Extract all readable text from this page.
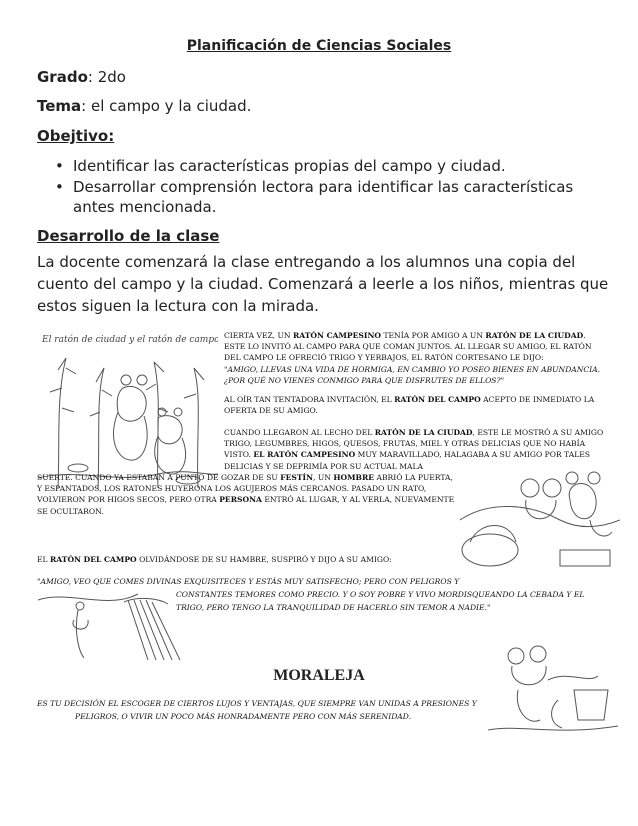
Planificación de Ciencias Sociales
Grado: 2do
Tema: el campo y la ciudad.
Obejtivo:
• Identificar las características propias del campo y ciudad.
• Desarrollar comprensión lectora para identificar las características
antes mencionada.
Desarrollo de la clase
La docente comenzará la clase entregando a los alumnos una copia del
cuento del campo y la ciudad. Comenzará a leerle a los niños, mientras que
estos siguen la lectura con la mirada.
El ratón de ciudad y el ratón de campo CIERTA VEZ, UN RATÓN CAMPESINO TENÍA POR AMIGO A UN RATÓN DE LA CIUDAD.
ESTE LO INVITÓ AL CAMPO PARA QUE COMAN JUNTOS. AL LLEGAR SU AMIGO, EL RATÓN
DEL CAMPO LE OFRECIÓ TRIGO Y YERBAJOS, EL RATÓN CORTESANO LE DIJO:
"AMIGO, LLEVAS UNA VIDA DE HORMIGA, EN CAMBIO YO POSEO BIENES EN ABUNDANCIA.
¿POR QUÉ NO VIENES CONMIGO PARA QUE DISFRUTES DE ELLOS?"
AL OÍR TAN TENTADORA INVITACIÓN, EL RATÓN DEL CAMPO ACEPTO DE INMEDIATO LA
OFERTA DE SU AMIGO.
CUANDO LLEGARON AL LECHO DEL RATÓN DE LA CIUDAD, ESTE LE MOSTRÓ A SU AMIGO
TRIGO, LEGUMBRES, HIGOS, QUESOS, FRUTAS, MIEL Y OTRAS DELICIAS QUE NO HABÍA
VISTO. EL RATÓN CAMPESINO MUY MARAVILLADO, HALAGABA A SU AMIGO POR TALES
DELICIAS Y SE DEPRIMÍA POR SU ACTUAL MALA
SUERTE. CUANDO YA ESTABAN A PUNTO DE GOZAR DE SU FESTÍN, UN HOMBRE ABRIÓ LA PUERTA,
Y ESPANTADOS, LOS RATONES HUYERONA LOS AGUJEROS MÁS CERCANOS. PASADO UN RATO,
VOLVIERON POR HIGOS SECOS, PERO OTRA PERSONA ENTRÓ AL LUGAR, Y AL VERLA, NUEVAMENTE
SE OCULTARON.
EL RATÓN DEL CAMPO OLVIDÁNDOSE DE SU HAMBRE, SUSPIRÓ Y DIJO A SU AMIGO:
"AMIGO, VEO QUE COMES DIVINAS EXQUISITECES Y ESTÁS MUY SATISFECHO; PERO CON PELIGROS Y
CONSTANTES TEMORES COMO PRECIO. Y O SOY POBRE Y VIVO MORDISQUEANDO LA CEBADA Y EL
TRIGO, PERO TENGO LA TRANQUILIDAD DE HACERLO SIN TEMOR A NADIE."
MORALEJA
ES TU DECISIÓN EL ESCOGER DE CIERTOS LUJOS Y VENTAJAS, QUE SIEMPRE VAN UNIDAS A PRESIONES Y
PELIGROS, O VIVIR UN POCO MÁS HONRADAMENTE PERO CON MÁS SERENIDAD.
